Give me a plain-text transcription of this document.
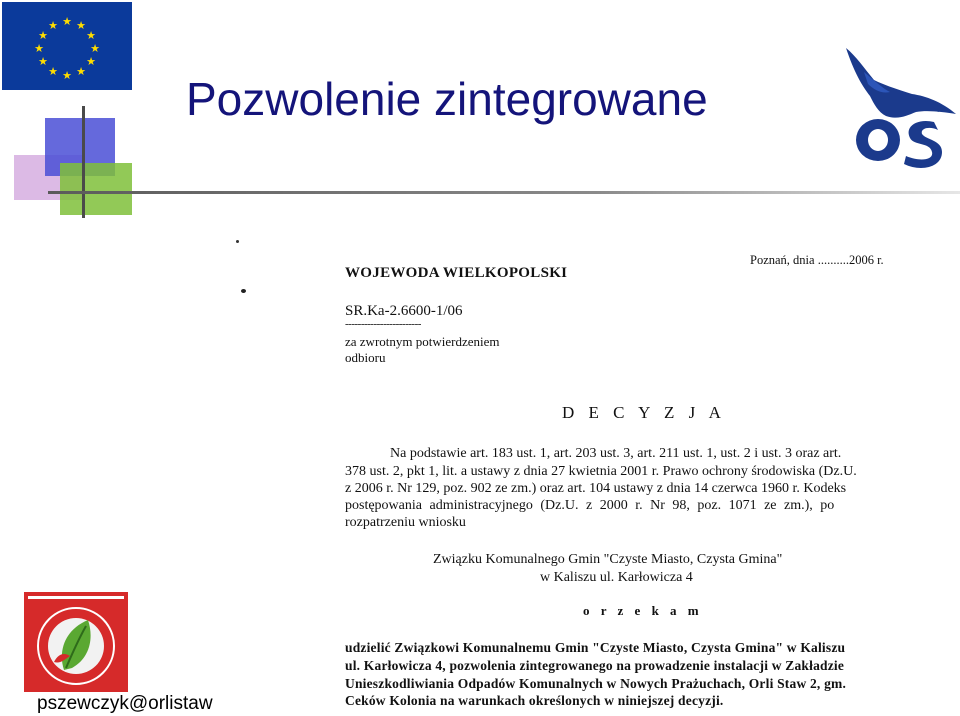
★ ★
★
★
★
★
★
★
★
★
★
★
Pozwolenie zintegrowane
WOJEWODA WIELKOPOLSKI
Poznań, dnia ..........2006 r.
SR.Ka-2.6600-1/06
------------------------
za zwrotnym potwierdzeniem
odbioru
D E C Y Z J A
Na podstawie art. 183 ust. 1, art. 203 ust. 3, art. 211 ust. 1, ust. 2 i ust. 3 oraz art.
378 ust. 2, pkt 1, lit. a ustawy z dnia 27 kwietnia 2001 r. Prawo ochrony środowiska (Dz.U.
z 2006 r. Nr 129, poz. 902 ze zm.) oraz art. 104 ustawy z dnia 14 czerwca 1960 r. Kodeks
postępowania administracyjnego (Dz.U. z 2000 r. Nr 98, poz. 1071 ze zm.), po
rozpatrzeniu wniosku
Związku Komunalnego Gmin "Czyste Miasto, Czysta Gmina"
w Kaliszu ul. Karłowicza 4
o r z e k a m
udzielić Związkowi Komunalnemu Gmin "Czyste Miasto, Czysta Gmina" w Kaliszu
ul. Karłowicza 4, pozwolenia zintegrowanego na prowadzenie instalacji w Zakładzie
Unieszkodliwiania Odpadów Komunalnych w Nowych Prażuchach, Orli Staw 2, gm.
Ceków Kolonia na warunkach określonych w niniejszej decyzji.
pszewczyk@orlistaw
